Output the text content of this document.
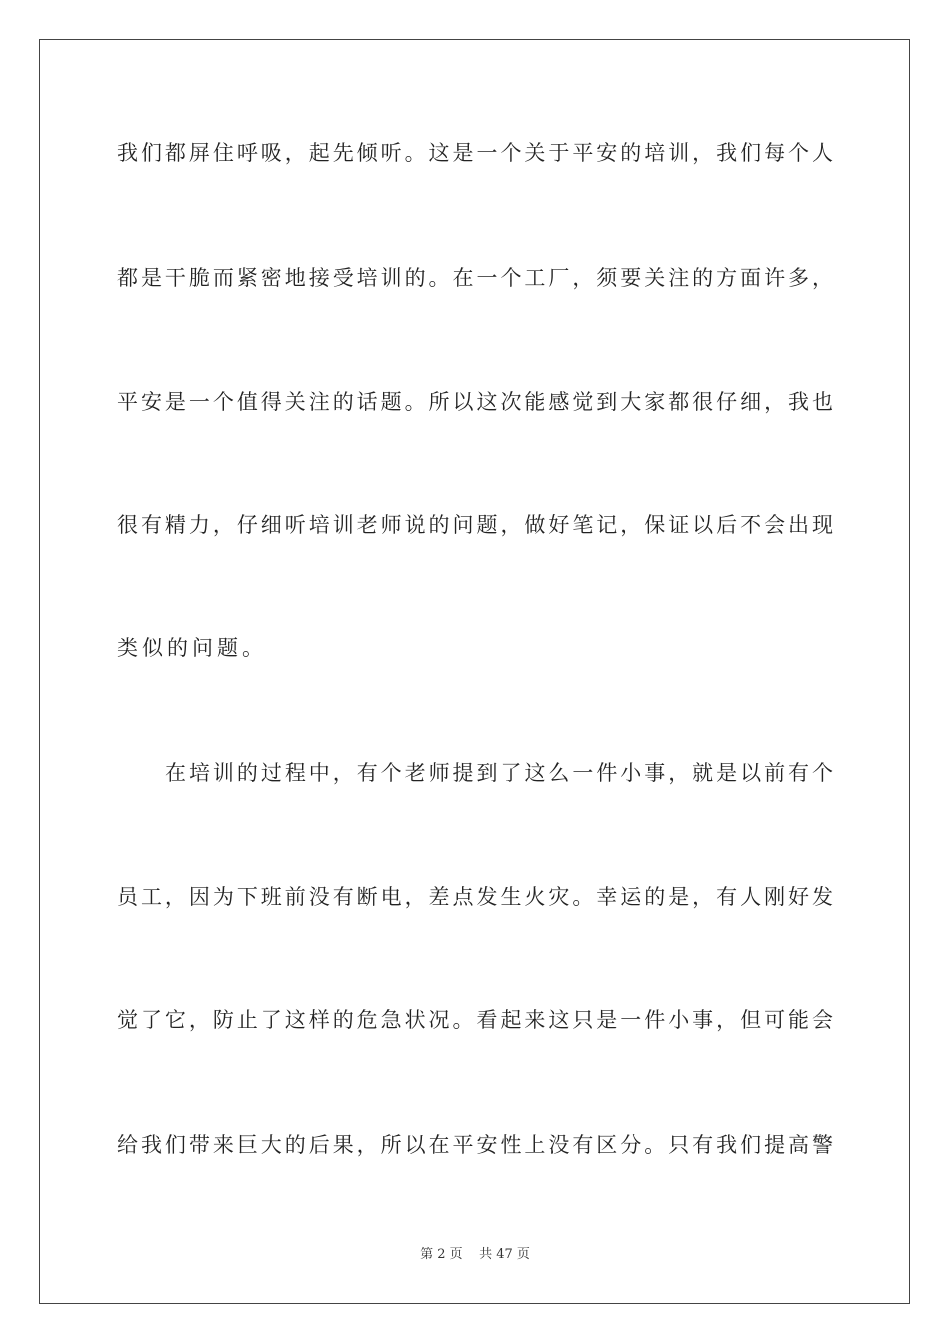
我们都屏住呼吸，起先倾听。这是一个关于平安的培训，我们每个人
都是干脆而紧密地接受培训的。在一个工厂，须要关注的方面许多，
平安是一个值得关注的话题。所以这次能感觉到大家都很仔细，我也
很有精力，仔细听培训老师说的问题，做好笔记，保证以后不会出现
类似的问题。
在培训的过程中，有个老师提到了这么一件小事，就是以前有个
员工，因为下班前没有断电，差点发生火灾。幸运的是，有人刚好发
觉了它，防止了这样的危急状况。看起来这只是一件小事，但可能会
给我们带来巨大的后果，所以在平安性上没有区分。只有我们提高警
第 2 页    共 47 页
